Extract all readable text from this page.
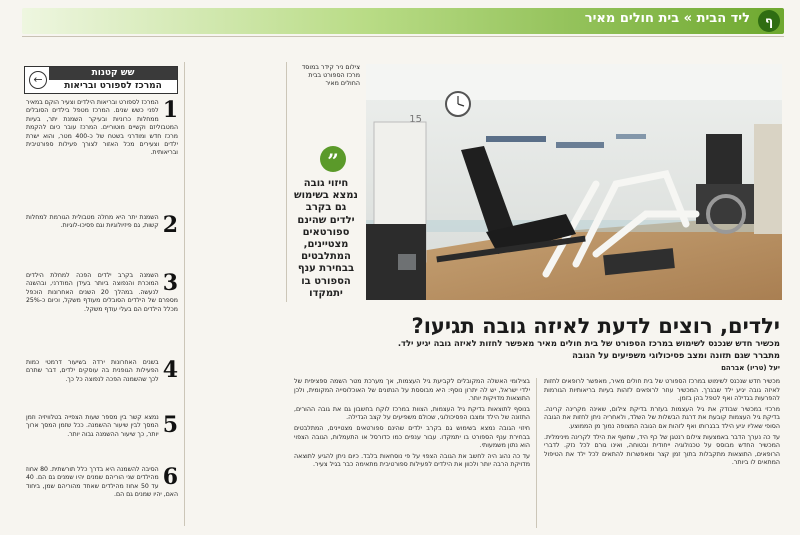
ף
ליד הבית » בית חולים מאיר
שש קטנות
המרכז לספורט ובריאות
←
1
המרכז לספורט ובריאות הילדים וצעיר הוקם במאיר לפני כשש שנים. המרכז מטפל בילדים הסובלים ממחלות כרוניות ובעיקר השמנת יתר, בעיות המטבוליזם וקשיים מוטוריים. המרכז עובר כיום להקמת מרכז חדש ומודרני בשטח של כ-400 מטר, והוא ישרת ילדים וצעירים מכל האזור לצורך פעילות ספורטיבית ובריאותית.
2
השמנת יתר היא מחלה מטבולית הגורמת למחלות קשות, גם פיזיולוגיות וגם פסיכו-לוגיות.
3
השמנה בקרב ילדים הפכה למחלת הילדים המוכרת והנפוצה ביותר בעידן המודרני, ובהשנה לנעשה. במהלך 20 השנים האחרונות הוכפל מספרם של הילדים הסובלים מעודף משקל, וכיום כ-25% מכלל הילדים הם בעלי עודף משקל.
4
בשנים האחרונות ירדה בשיעור דרמטי כמות הפעילות הגופנית בה עוסקים ילדים, דבר שתרם לכך שהשמנה הפכה לנפוצה כל כך.
5
נמצא קשר בין מספר שעות הצפייה בטלוויזיה וזמן המסך לבין שיעור ההשמנה. ככל שזמן המסך ארוך יותר, כך שיעור ההשמנה גבוה יותר.
6
הסיבה להשמנה היא בדרך כלל תורשתית. 80 אחוז מהילדים שני הוריהם שמנים יהיו שמנים גם הם. 40 עד 50 אחוז מהילדים שאחד מהוריהם שמן, ביחוד האם, יהיו שמנים גם הם.
צילום ניר קידר במוסד מרכז הספורט בבית החולים מאיר
15
”
חיזוי גובה נמצא בשימוש גם בקרב ילדים שהינם ספורטאים מצטיינים, המתלבטים בבחירת ענף הספורט בו יתמקדו
ילדים, רוצים לדעת לאיזה גובה תגיעו?
מכשיר חדש שנכנס לשימוש במרכז הספורט של בית חולים מאיר מאפשר לחזות לאיזה גובה יגיע ילד. מתברר שגם תזונה ומצב פסיכולוגי משפיעים על הגובה
יעל (טריו) אברהם

מכשיר חדש שנכנס לשימוש במרכז הספורט של בית חולים מאיר, מאפשר לרופאים לחזות לאיזה גובה יגיע ילד שבגרך. המכשיר עוזר לרופאים לזהות בעיות בריאותיות הגורמות להפרעות בגדילה ואף לטפל בהן בזמן.

מרכזי במכשיר שבודק את גיל העצמות בעזרת בדיקת צילום, שאינה מקרינה קרינה. בדיקת גיל העצמות קובעת את דרגת הבשלות של השלד, ולאחריה ניתן לחזות את הגובה הסופי שאליו יגיע הילד בבגרותו ואף לזהות אם הגובה המצופה נמוך מן הממוצע.

עד כה נערך הדבר באמצעות צילום רנטגן של כף היד, שחשף את הילד לקרינה מינימלית. המכשיר החדש מבוסס על טכנולוגיה ייחודית ובטוחה, ואינו גורם לכל נזק. לדברי הרופאים, התוצאות מתקבלות בתוך זמן קצר ומאפשרות להתאים לכל ילד את הטיפול המתאים לו ביותר.

בצילומי האשלה המקובלים לקביעת גיל העצמות, אך מערכת מטר השמה ספציפית של ילדי ישראל, יש לה יתרון נוסף: היא מבוססת על הנתונים של האוכלוסייה המקומית, ולכן התוצאות מדויקות יותר.

בנוסף לתוצאות בדיקת גיל העצמות, הצוות במרכז לוקח בחשבון גם את גובה ההורים, התזונה של הילד ומצבו הפסיכולוגי, שכולם משפיעים על קצב הגדילה.

חיזוי הגובה נמצא בשימוש גם בקרב ילדים שהינם ספורטאים מצטיינים, המתלבטים בבחירת ענף הספורט בו יתמקדו. עבור ענפים כמו כדורסל או התעמלות, הגובה הצפוי הוא נתון משמעותי.

עד כה נהוג היה לחשב את הגובה הצפוי על פי נוסחאות בלבד. כיום ניתן להגיע לתוצאה מדויקת הרבה יותר ולכוון את הילדים לפעילות ספורטיבית מתאימה כבר בגיל צעיר.
